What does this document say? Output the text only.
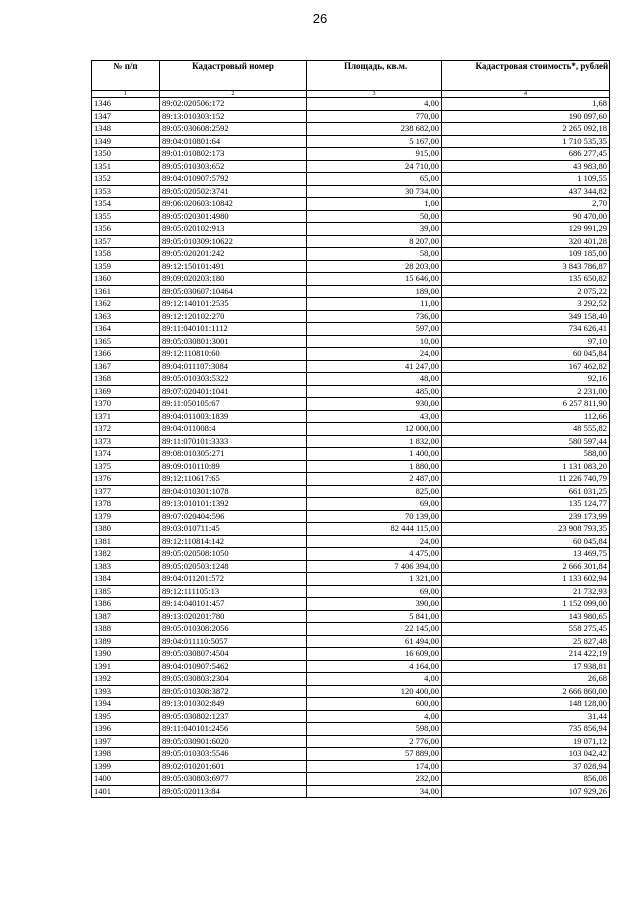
26
№ п/п	Кадастровый номер	Площадь, кв.м.	Кадастровая стоимость*, рублей
1	2	3	4
1346	89:02:020506:172	4,00	1,68
1347	89:13:010303:152	770,00	190 097,60
1348	89:05:030608:2592	238 682,00	2 265 092,18
1349	89:04:010801:64	5 167,00	1 710 535,35
1350	89:01:010802:173	915,00	686 277,45
1351	89:05:010303:652	24 710,00	43 983,80
1352	89:04:010907:5792	65,00	1 109,55
1353	89:05:020502:3741	30 734,00	437 344,82
1354	89:06:020603:10842	1,00	2,70
1355	89:05:020301:4980	50,00	90 470,00
1356	89:05:020102:913	39,00	129 991,29
1357	89:05:010309:10622	8 207,00	320 401,28
1358	89:05:020201:242	58,00	109 185,00
1359	89:12:150101:491	28 203,00	3 843 786,87
1360	89:09:020203:180	15 646,00	135 650,82
1361	89:05:030607:10464	189,00	2 075,22
1362	89:12:140101:2535	11,00	3 292,52
1363	89:12:120102:270	736,00	349 158,40
1364	89:11:040101:1112	597,00	734 626,41
1365	89:05:030801:3001	10,00	97,10
1366	89:12:110810:60	24,00	60 045,84
1367	89:04:011107:3084	41 247,00	167 462,82
1368	89:05:010303:5322	48,00	92,16
1369	89:07:020401:1041	485,00	2 231,00
1370	89:11:050105:67	930,00	6 257 811,90
1371	89:04:011003:1839	43,00	112,66
1372	89:04:011008:4	12 000,00	48 555,82
1373	89:11:070101:3333	1 832,00	580 597,44
1374	89:08:010305:271	1 400,00	588,00
1375	89:09:010110:89	1 880,00	1 131 083,20
1376	89:12:110617:65	2 487,00	11 226 740,79
1377	89:04:010301:1078	825,00	661 031,25
1378	89:13:010101:1392	69,00	135 124,77
1379	89:07:020404:596	70 139,00	239 173,99
1380	89:03:010711:45	82 444 115,00	23 908 793,35
1381	89:12:110814:142	24,00	60 045,84
1382	89:05:020508:1050	4 475,00	13 469,75
1383	89:05:020503:1248	7 406 394,00	2 666 301,84
1384	89:04:011201:572	1 321,00	1 133 602,94
1385	89:12:111105:13	69,00	21 732,93
1386	89:14:040101:457	390,00	1 152 099,00
1387	89:13:020201:780	5 841,00	143 980,65
1388	89:05:010308:2056	22 145,00	558 275,45
1389	89:04:011110:5057	61 494,00	25 827,48
1390	89:05:030807:4504	16 609,00	214 422,19
1391	89:04:010907:5462	4 164,00	17 938,81
1392	89:05:030803:2304	4,00	26,68
1393	89:05:010308:3872	120 400,00	2 666 860,00
1394	89:13:010302:849	600,00	148 128,00
1395	89:05:030802:1237	4,00	31,44
1396	89:11:040101:2456	598,00	735 856,94
1397	89:05:030901:6020	2 776,00	19 071,12
1398	89:05:010303:5546	57 889,00	103 042,42
1399	89:02:010201:601	174,00	37 028,94
1400	89:05:030803:6977	232,00	856,08
1401	89:05:020113:84	34,00	107 929,26
